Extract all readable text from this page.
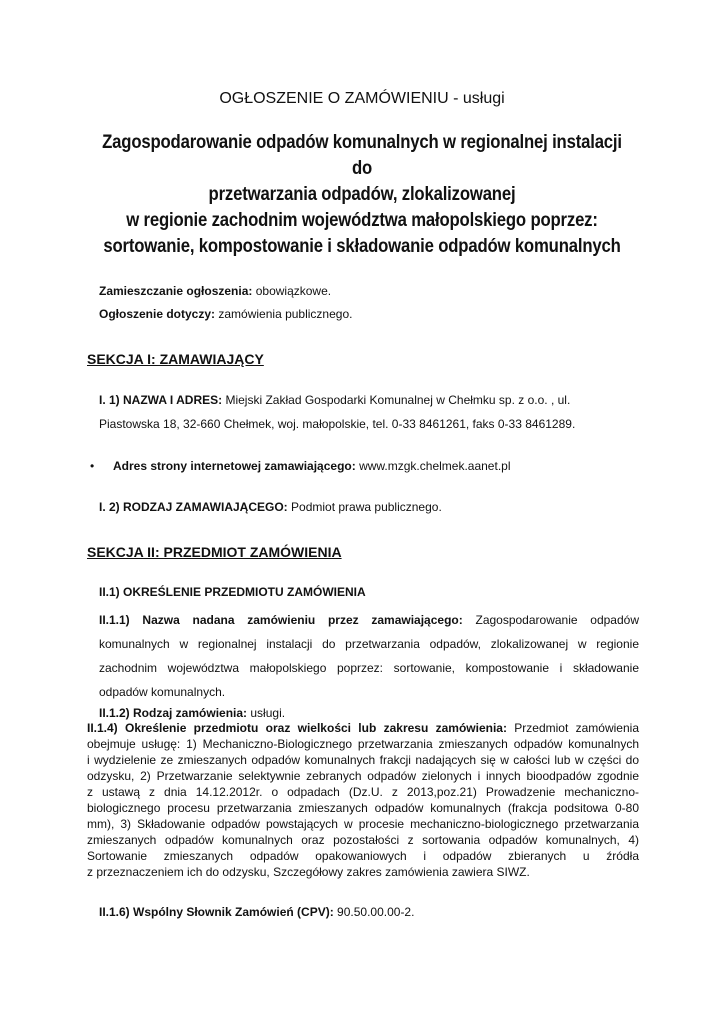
OGŁOSZENIE O ZAMÓWIENIU - usługi

Zagospodarowanie odpadów komunalnych w regionalnej instalacji do
przetwarzania odpadów, zlokalizowanej
w regionie zachodnim województwa małopolskiego poprzez:
sortowanie, kompostowanie i składowanie odpadów komunalnych

Zamieszczanie ogłoszenia: obowiązkowe.

Ogłoszenie dotyczy: zamówienia publicznego.

SEKCJA I: ZAMAWIAJĄCY

I. 1) NAZWA I ADRES: Miejski Zakład Gospodarki Komunalnej w Chełmku sp. z o.o. , ul.

Piastowska 18, 32-660 Chełmek, woj. małopolskie, tel. 0-33 8461261, faks 0-33 8461289.

• Adres strony internetowej zamawiającego: www.mzgk.chelmek.aanet.pl

I. 2) RODZAJ ZAMAWIAJĄCEGO: Podmiot prawa publicznego.

SEKCJA II: PRZEDMIOT ZAMÓWIENIA

II.1) OKREŚLENIE PRZEDMIOTU ZAMÓWIENIA

II.1.1) Nazwa nadana zamówieniu przez zamawiającego: Zagospodarowanie odpadów
komunalnych w regionalnej instalacji do przetwarzania odpadów, zlokalizowanej w regionie
zachodnim województwa małopolskiego poprzez: sortowanie, kompostowanie i składowanie
odpadów komunalnych.

II.1.2) Rodzaj zamówienia: usługi.

II.1.4) Określenie przedmiotu oraz wielkości lub zakresu zamówienia: Przedmiot zamówienia
obejmuje usługę: 1) Mechaniczno-Biologicznego przetwarzania zmieszanych odpadów komunalnych
i wydzielenie ze zmieszanych odpadów komunalnych frakcji nadających się w całości lub w części do
odzysku, 2) Przetwarzanie selektywnie zebranych odpadów zielonych i innych bioodpadów zgodnie
z ustawą z dnia 14.12.2012r. o odpadach (Dz.U. z 2013,poz.21) Prowadzenie mechaniczno-
biologicznego procesu przetwarzania zmieszanych odpadów komunalnych (frakcja podsitowa 0-80
mm), 3) Składowanie odpadów powstających w procesie mechaniczno-biologicznego przetwarzania
zmieszanych odpadów komunalnych oraz pozostałości z sortowania odpadów komunalnych, 4)
Sortowanie zmieszanych odpadów opakowaniowych i odpadów zbieranych u źródła
z przeznaczeniem ich do odzysku, Szczegółowy zakres zamówienia zawiera SIWZ.

II.1.6) Wspólny Słownik Zamówień (CPV): 90.50.00.00-2.
